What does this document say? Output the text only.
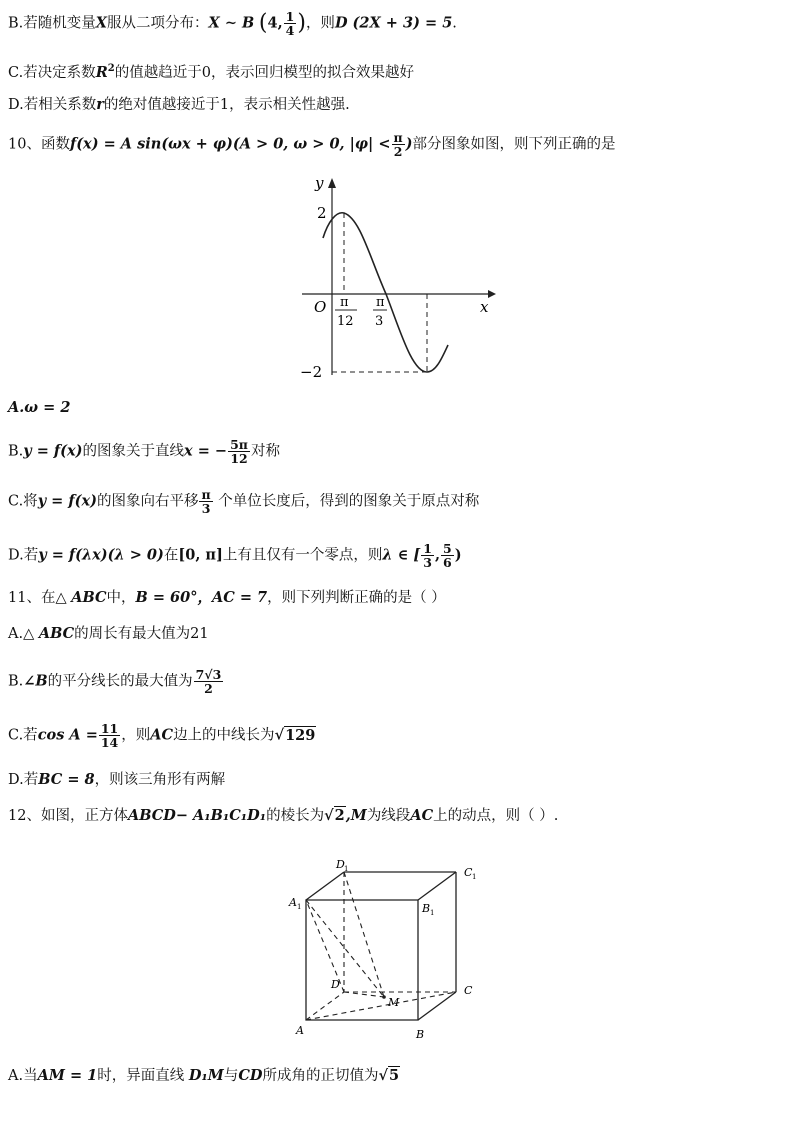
B.若随机变量X服从二项分布：X ∼ B (4, $\frac{1}{4}$ )，则D (2X + 3) = 5.
C.若决定系数$R^2$的值越趋近于0，表示回归模型的拟合效果越好
D.若相关系数r的绝对值越接近于1，表示相关性越强.
10、函数f(x) = A sin(ωx + φ)(A > 0, ω > 0, $|\varphi| < \frac{\pi}{2}$ )部分图象如图，则下列正确的是
y
x
O
2
−2
π
12
π
3
A.ω = 2
B.y = f(x)的图象关于直线x = − $\frac{5\pi}{12}$ 对称
C.将y = f(x)的图象向右平移 $\frac{\pi}{3}$ 个单位长度后，得到的图象关于原点对称
D.若y = f(λx)(λ > 0)在[0, π]上有且仅有一个零点，则λ ∈ [ $\frac{1}{3}$ , $\frac{5}{6}$ )
11、在△ ABC中，B = 60°，AC = 7，则下列判断正确的是（ ）
A.△ ABC的周长有最大值为21
B.∠B的平分线长的最大值为 $\frac{7√3}{2}$
C.若$\cos A = \frac{11}{14}$ ，则AC边上的中线长为√129
D.若BC = 8，则该三角形有两解
12、如图，正方体ABCD− A₁B₁C₁D₁的棱长为√2,M为线段AC上的动点，则（ ）.
A	B
C
D
A 1	B 1
C 1
D 1
M
A.当AM = 1时，异面直线 D₁M与CD所成角的正切值为√5
